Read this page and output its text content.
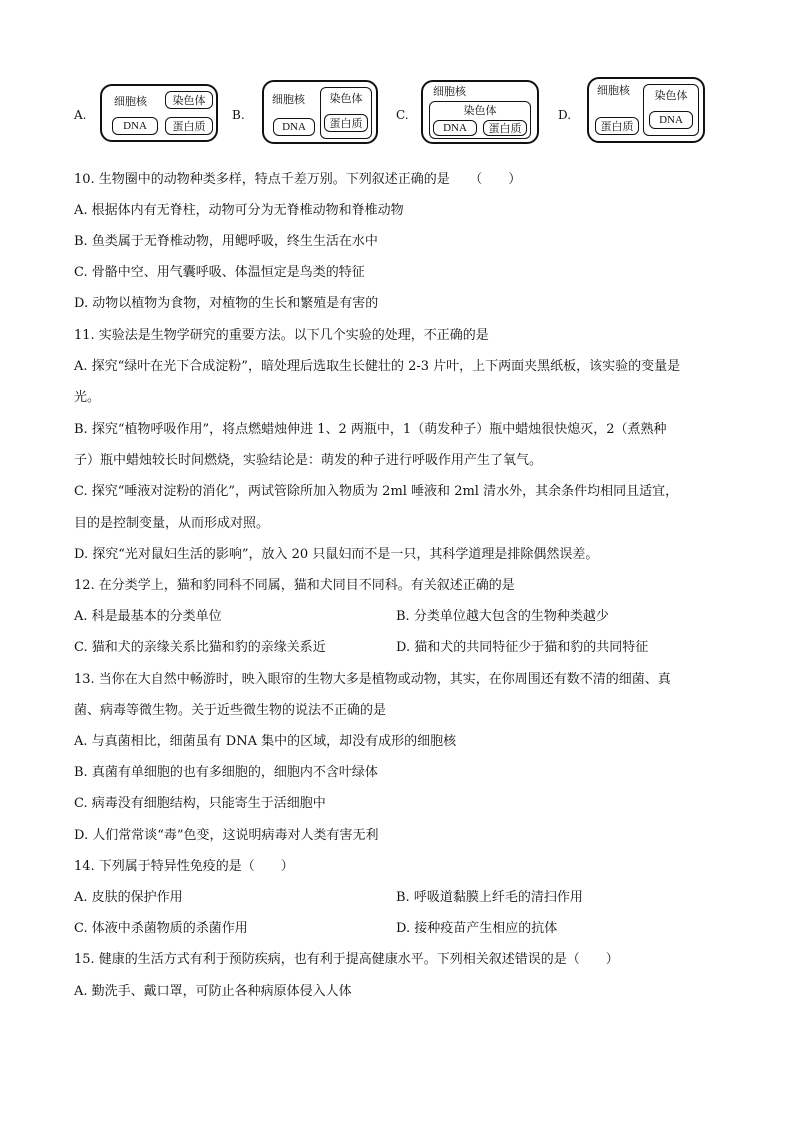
A.
细胞核	染色体
DNA	蛋白质
B.
细胞核	染色体
蛋白质
DNA
C.
细胞核
染色体
DNA	蛋白质
D.
细胞核	染色体
DNA
蛋白质
10. 生物圈中的动物种类多样，特点千差万别。下列叙述正确的是　　（　　）
A. 根据体内有无脊柱，动物可分为无脊椎动物和脊椎动物
B. 鱼类属于无脊椎动物，用鳃呼吸，终生生活在水中
C. 骨骼中空、用气囊呼吸、体温恒定是鸟类的特征
D. 动物以植物为食物，对植物的生长和繁殖是有害的
11. 实验法是生物学研究的重要方法。以下几个实验的处理，不正确的是
A. 探究“绿叶在光下合成淀粉”，暗处理后选取生长健壮的 2-3 片叶，上下两面夹黑纸板，该实验的变量是
光。
B. 探究“植物呼吸作用”，将点燃蜡烛伸进 1、2 两瓶中，1（萌发种子）瓶中蜡烛很快熄灭，2（煮熟种
子）瓶中蜡烛较长时间燃烧，实验结论是：萌发的种子进行呼吸作用产生了氧气。
C. 探究“唾液对淀粉的消化”，两试管除所加入物质为 2ml 唾液和 2ml 清水外，其余条件均相同且适宜，
目的是控制变量，从而形成对照。
D. 探究“光对鼠妇生活的影响”，放入 20 只鼠妇而不是一只，其科学道理是排除偶然误差。
12. 在分类学上，猫和豹同科不同属，猫和犬同目不同科。有关叙述正确的是
A. 科是最基本的分类单位	B. 分类单位越大包含的生物种类越少
C. 猫和犬的亲缘关系比猫和豹的亲缘关系近	D. 猫和犬的共同特征少于猫和豹的共同特征
13. 当你在大自然中畅游时，映入眼帘的生物大多是植物或动物，其实，在你周围还有数不清的细菌、真
菌、病毒等微生物。关于近些微生物的说法不正确的是
A. 与真菌相比，细菌虽有 DNA 集中的区域，却没有成形的细胞核
B. 真菌有单细胞的也有多细胞的，细胞内不含叶绿体
C. 病毒没有细胞结构，只能寄生于活细胞中
D. 人们常常谈“毒”色变，这说明病毒对人类有害无利
14. 下列属于特异性免疫的是（　　）
A. 皮肤的保护作用	B. 呼吸道黏膜上纤毛的清扫作用
C. 体液中杀菌物质的杀菌作用	D. 接种疫苗产生相应的抗体
15. 健康的生活方式有利于预防疾病，也有利于提高健康水平。下列相关叙述错误的是（　　）
A. 勤洗手、戴口罩，可防止各种病原体侵入人体
